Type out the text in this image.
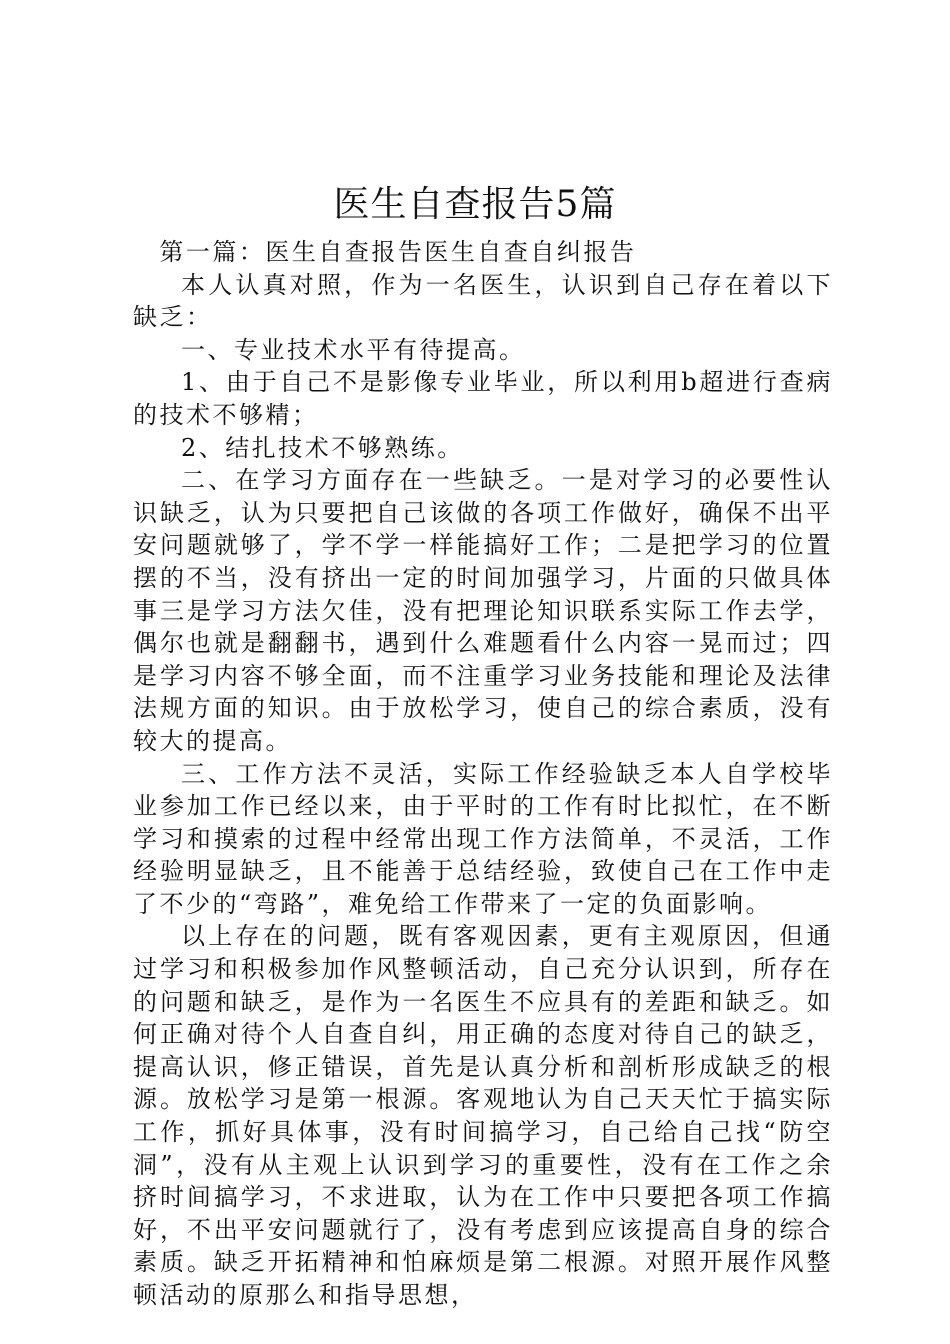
医生自查报告5篇

第一篇：医生自查报告医生自查自纠报告

本人认真对照，作为一名医生，认识到自己存在着以下缺乏：

一、专业技术水平有待提高。

1、由于自己不是影像专业毕业，所以利用b超进行查病的技术不够精；

2、结扎技术不够熟练。

二、在学习方面存在一些缺乏。一是对学习的必要性认识缺乏，认为只要把自己该做的各项工作做好，确保不出平安问题就够了，学不学一样能搞好工作；二是把学习的位置摆的不当，没有挤出一定的时间加强学习，片面的只做具体事三是学习方法欠佳，没有把理论知识联系实际工作去学，偶尔也就是翻翻书，遇到什么难题看什么内容一晃而过；四是学习内容不够全面，而不注重学习业务技能和理论及法律法规方面的知识。由于放松学习，使自己的综合素质，没有较大的提高。

三、工作方法不灵活，实际工作经验缺乏本人自学校毕业参加工作已经以来，由于平时的工作有时比拟忙，在不断学习和摸索的过程中经常出现工作方法简单，不灵活，工作经验明显缺乏，且不能善于总结经验，致使自己在工作中走了不少的“弯路”，难免给工作带来了一定的负面影响。

以上存在的问题，既有客观因素，更有主观原因，但通过学习和积极参加作风整顿活动，自己充分认识到，所存在的问题和缺乏，是作为一名医生不应具有的差距和缺乏。如何正确对待个人自查自纠，用正确的态度对待自己的缺乏，提高认识，修正错误，首先是认真分析和剖析形成缺乏的根源。放松学习是第一根源。客观地认为自己天天忙于搞实际工作，抓好具体事，没有时间搞学习，自己给自己找“防空洞”，没有从主观上认识到学习的重要性，没有在工作之余挤时间搞学习，不求进取，认为在工作中只要把各项工作搞好，不出平安问题就行了，没有考虑到应该提高自身的综合素质。缺乏开拓精神和怕麻烦是第二根源。对照开展作风整顿活动的原那么和指导思想，
